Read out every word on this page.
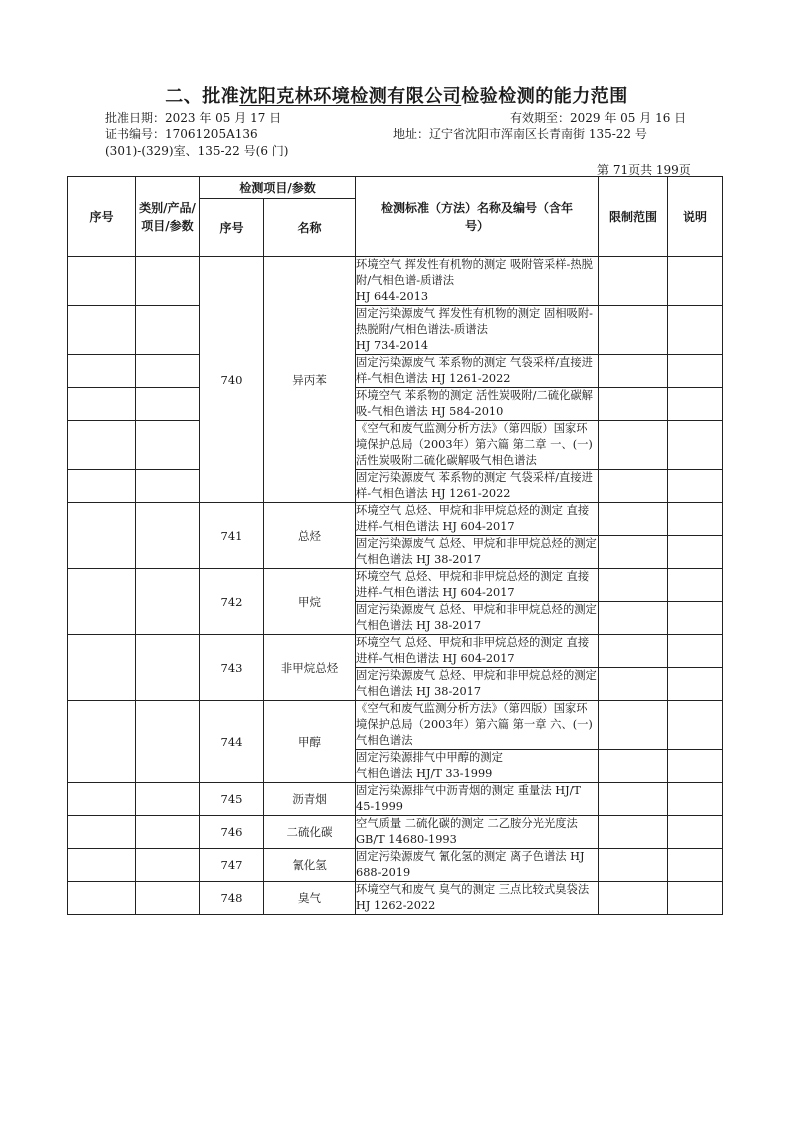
二、批准沈阳克林环境检测有限公司检验检测的能力范围
批准日期：2023 年 05 月 17 日	有效期至：2029 年 05 月 16 日
证书编号：17061205A136	地址：辽宁省沈阳市浑南区长青南街 135-22 号
(301)-(329)室、135-22 号(6 门)
第 71页共 199页
序号	类别/产品/项目/参数	检测项目/参数		检测标准（方法）名称及编号（含年号）	限制范围	说明
		序号	名称			
		740	异丙苯	环境空气 挥发性有机物的测定 吸附管采样-热脱附/气相色谱-质谱法
HJ 644-2013		
				固定污染源废气 挥发性有机物的测定 固相吸附-热脱附/气相色谱法-质谱法
HJ 734-2014		
				固定污染源废气 苯系物的测定 气袋采样/直接进样-气相色谱法 HJ 1261-2022		
				环境空气 苯系物的测定 活性炭吸附/二硫化碳解吸-气相色谱法 HJ 584-2010		
				《空气和废气监测分析方法》（第四版）国家环境保护总局（2003年）第六篇 第二章 一、(一) 活性炭吸附二硫化碳解吸气相色谱法		
				固定污染源废气 苯系物的测定 气袋采样/直接进样-气相色谱法 HJ 1261-2022		
		741	总烃	环境空气 总烃、甲烷和非甲烷总烃的测定 直接进样-气相色谱法 HJ 604-2017		
				固定污染源废气 总烃、甲烷和非甲烷总烃的测定 气相色谱法 HJ 38-2017		
		742	甲烷	环境空气 总烃、甲烷和非甲烷总烃的测定 直接进样-气相色谱法 HJ 604-2017		
				固定污染源废气 总烃、甲烷和非甲烷总烃的测定 气相色谱法 HJ 38-2017		
		743	非甲烷总烃	环境空气 总烃、甲烷和非甲烷总烃的测定 直接进样-气相色谱法 HJ 604-2017		
				固定污染源废气 总烃、甲烷和非甲烷总烃的测定 气相色谱法 HJ 38-2017		
		744	甲醇	《空气和废气监测分析方法》（第四版）国家环境保护总局（2003年）第六篇 第一章 六、(一) 气相色谱法		
				固定污染源排气中甲醇的测定
气相色谱法 HJ/T 33-1999		
		745	沥青烟	固定污染源排气中沥青烟的测定 重量法 HJ/T 45-1999		
		746	二硫化碳	空气质量 二硫化碳的测定 二乙胺分光光度法 GB/T 14680-1993		
		747	氰化氢	固定污染源废气 氰化氢的测定 离子色谱法 HJ 688-2019		
		748	臭气	环境空气和废气 臭气的测定 三点比较式臭袋法 HJ 1262-2022		
